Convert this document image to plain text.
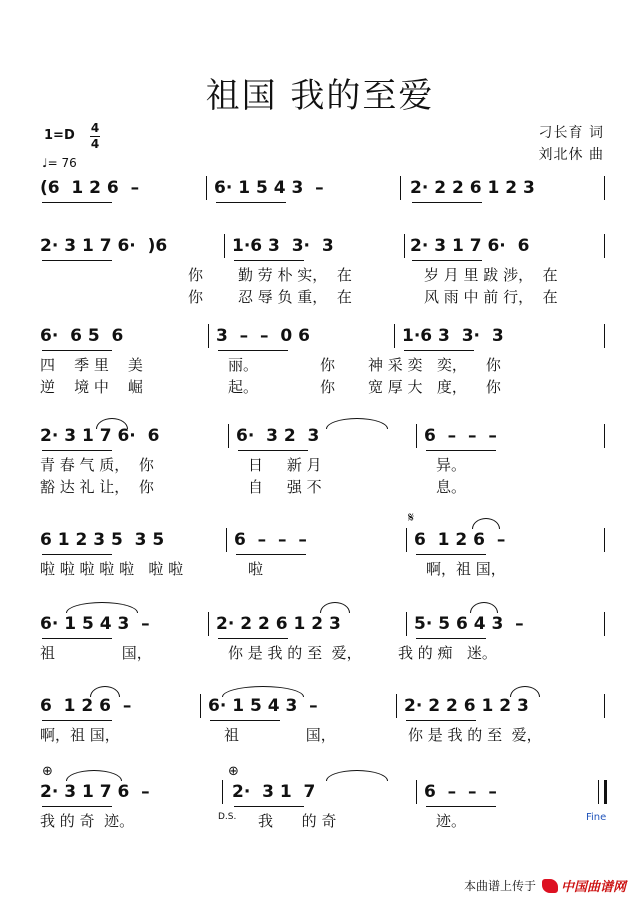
祖国 我的至爱
1=D 4
4
♩= 76
刁长育 词
刘北休 曲
(6  1 2 6  –	6· 1 5 4 3  –	2· 2 2 6 1 2 3
2· 3 1 7 6·  )6	1·6 3  3·  3	2· 3 1 7 6·  6
你 勤 劳 朴 实，  在	岁 月 里 跋 涉，  在
你 忍 辱 负 重，  在	风 雨 中 前 行，  在
6·  6 5  6	3  –  –  0 6	1·6 3  3·  3
四    季 里    美	丽。             你 神 采 奕   奕，    你
逆    境 中    崛	起。             你 宽 厚 大   度，    你
2· 3 1 7 6·  6	6·  3 2  3	6  –  –  –
青 春 气 质，  你	日     新 月	异。
豁 达 礼 让，  你	自     强 不	息。
6 1 2 3 5  3 5	6  –  –  –	6  1 2 6  –
啦 啦 啦 啦 啦   啦 啦	啦	啊，祖 国，
6· 1 5 4 3  –	2· 2 2 6 1 2 3	5· 5 6 4 3  –
祖              国，	你 是 我 的 至  爱， 我 的 痴   迷。
6  1 2 6  –	6· 1 5 4 3  –	2· 2 2 6 1 2 3
啊，祖 国，	祖              国，	你 是 我 的 至  爱，
2· 3 1 7 6  –	2·  3 1  7	6  –  –  –
我 的 奇  迹。	我      的 奇	迹。
𝄋
⊕	⊕
D.S.	Fine
本曲谱上传于 中国曲谱网
